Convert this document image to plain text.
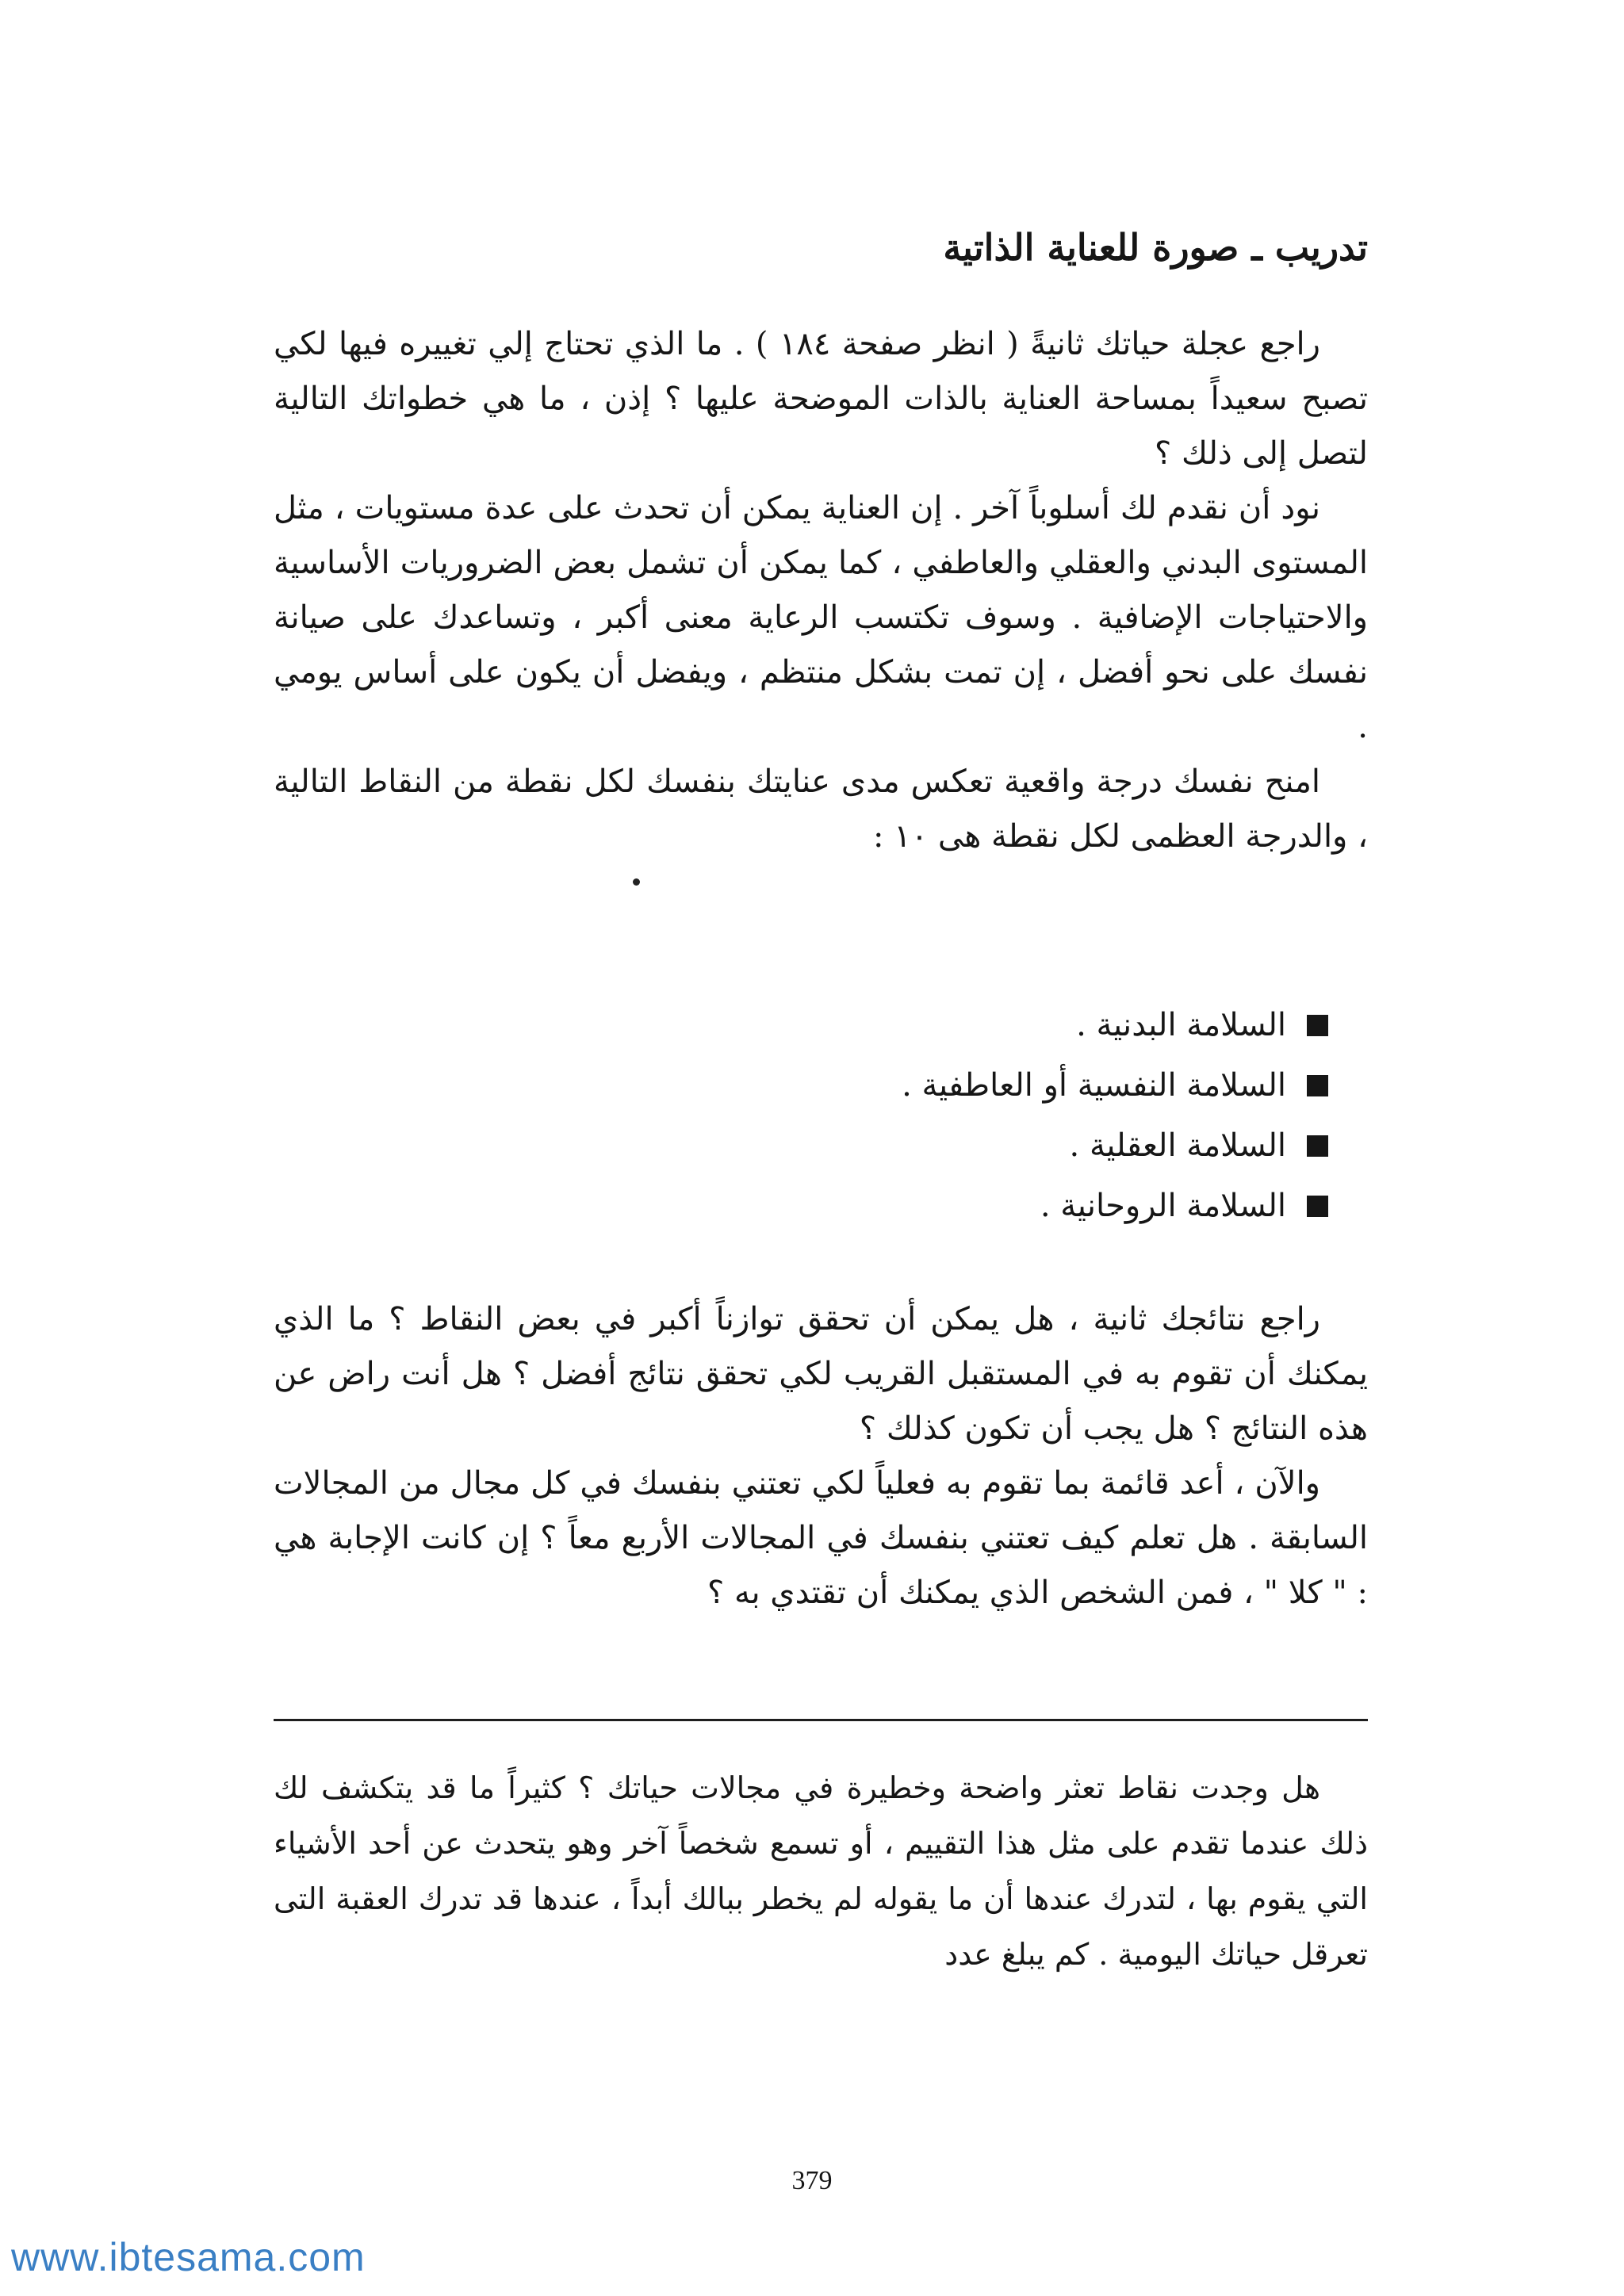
تدريب ـ صورة للعناية الذاتية

راجع عجلة حياتك ثانيةً ( انظر صفحة ١٨٤ ) . ما الذي تحتاج إلي تغييره فيها لكي تصبح سعيداً بمساحة العناية بالذات الموضحة عليها ؟ إذن ، ما هي خطواتك التالية لتصل إلى ذلك ؟

نود أن نقدم لك أسلوباً آخر . إن العناية يمكن أن تحدث على عدة مستويات ، مثل المستوى البدني والعقلي والعاطفي ، كما يمكن أن تشمل بعض الضروريات الأساسية والاحتياجات الإضافية . وسوف تكتسب الرعاية معنى أكبر ، وتساعدك على صيانة نفسك على نحو أفضل ، إن تمت بشكل منتظم ، ويفضل أن يكون على أساس يومي .

امنح نفسك درجة واقعية تعكس مدى عنايتك بنفسك لكل نقطة من النقاط التالية ، والدرجة العظمى لكل نقطة هى ١٠ :

السلامة البدنية .
السلامة النفسية أو العاطفية .
السلامة العقلية .
السلامة الروحانية .

راجع نتائجك ثانية ، هل يمكن أن تحقق توازناً أكبر في بعض النقاط ؟ ما الذي يمكنك أن تقوم به في المستقبل القريب لكي تحقق نتائج أفضل ؟ هل أنت راض عن هذه النتائج ؟ هل يجب أن تكون كذلك ؟

والآن ، أعد قائمة بما تقوم به فعلياً لكي تعتني بنفسك في كل مجال من المجالات السابقة . هل تعلم كيف تعتني بنفسك في المجالات الأربع معاً ؟ إن كانت الإجابة هي : " كلا " ، فمن الشخص الذي يمكنك أن تقتدي به ؟

هل وجدت نقاط تعثر واضحة وخطيرة في مجالات حياتك ؟ كثيراً ما قد يتكشف لك ذلك عندما تقدم على مثل هذا التقييم ، أو تسمع شخصاً آخر وهو يتحدث عن أحد الأشياء التي يقوم بها ، لتدرك عندها أن ما يقوله لم يخطر ببالك أبداً ، عندها قد تدرك العقبة التى تعرقل حياتك اليومية . كم يبلغ عدد

379
www.ibtesama.com
